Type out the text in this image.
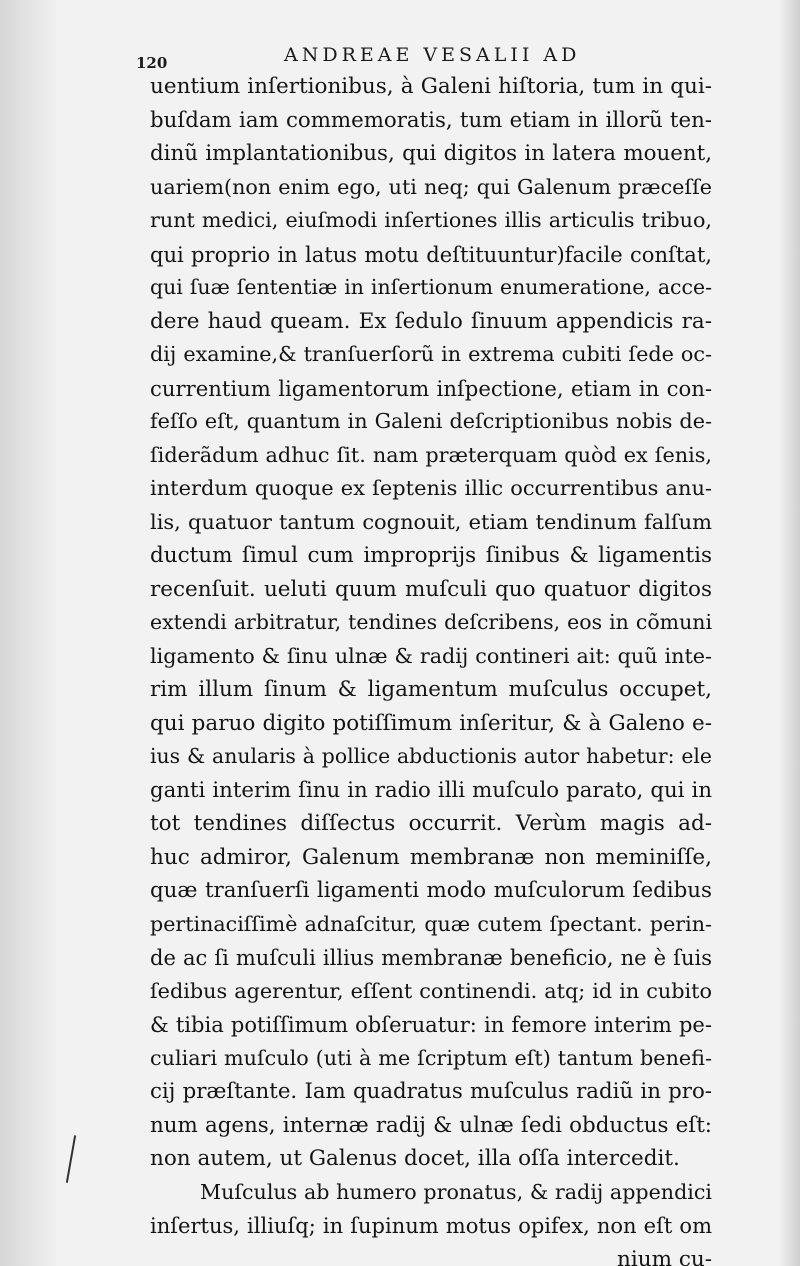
120	ANDREAE VESALII AD
uentium inſertionibus, à Galeni hiſtoria, tum in qui-
buſdam iam commemoratis, tum etiam in illorũ ten-
dinũ implantationibus, qui digitos in latera mouent,
uariem(non enim ego, uti neq; qui Galenum præceſſe
runt medici, eiuſmodi inſertiones illis articulis tribuo,
qui proprio in latus motu deſtituuntur)facile conſtat,
qui ſuæ ſententiæ in inſertionum enumeratione, acce-
dere haud queam. Ex ſedulo ſinuum appendicis ra-
dij examine,& tranſuerſorũ in extrema cubiti ſede oc-
currentium ligamentorum inſpectione, etiam in con-
feſſo eſt, quantum in Galeni deſcriptionibus nobis de-
ſiderãdum adhuc ſit. nam præterquam quòd ex ſenis,
interdum quoque ex ſeptenis illic occurrentibus anu-
lis, quatuor tantum cognouit, etiam tendinum falſum
ductum ſimul cum improprijs ſinibus & ligamentis
recenſuit. ueluti quum muſculi quo quatuor digitos
extendi arbitratur, tendines deſcribens, eos in cõmuni
ligamento & ſinu ulnæ & radij contineri ait: quũ inte-
rim illum ſinum & ligamentum muſculus occupet,
qui paruo digito potiſſimum inſeritur, & à Galeno e-
ius & anularis à pollice abductionis autor habetur: ele
ganti interim ſinu in radio illi muſculo parato, qui in
tot tendines diſſectus occurrit. Verùm magis ad-
huc admiror, Galenum membranæ non meminiſſe,
quæ tranſuerſi ligamenti modo muſculorum ſedibus
pertinaciſſimè adnaſcitur, quæ cutem ſpectant. perin-
de ac ſi muſculi illius membranæ beneficio, ne è ſuis
ſedibus agerentur, eſſent continendi. atq; id in cubito
& tibia potiſſimum obſeruatur: in femore interim pe-
culiari muſculo (uti à me ſcriptum eſt) tantum benefi-
cij præſtante. Iam quadratus muſculus radiũ in pro-
num agens, internæ radij & ulnæ ſedi obductus eſt:
non autem, ut Galenus docet, illa oſſa intercedit.
Muſculus ab humero pronatus, & radij appendici
inſertus, illiuſq; in ſupinum motus opifex, non eſt om
nium cu-
